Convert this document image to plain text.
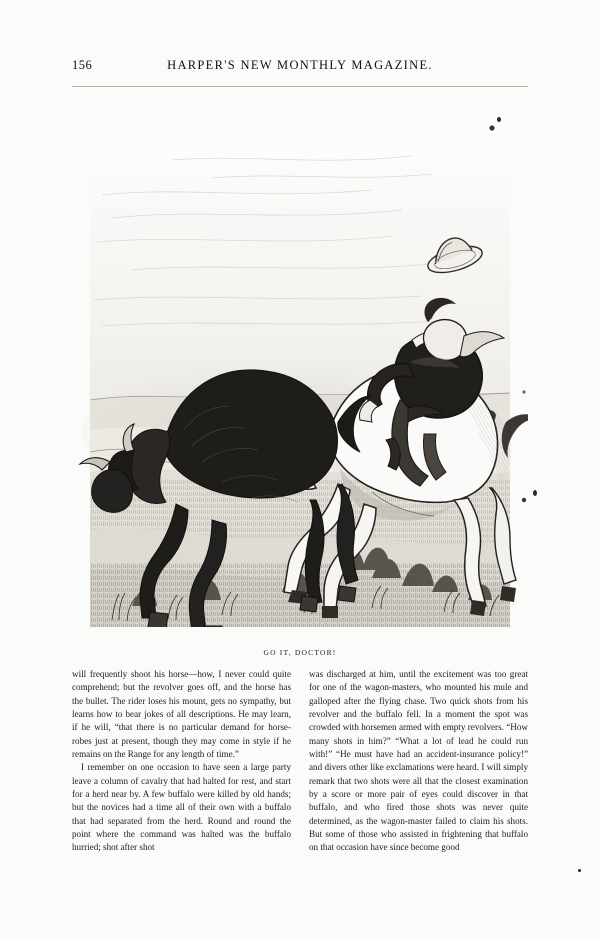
156	HARPER'S NEW MONTHLY MAGAZINE.
GO IT, DOCTOR!

will frequently shoot his horse—how, I never could quite comprehend; but the revolver goes off, and the horse has the bullet. The rider loses his mount, gets no sympathy, but learns how to bear jokes of all descriptions. He may learn, if he will, “that there is no particular demand for horse-robes just at present, though they may come in style if he remains on the Range for any length of time.”

I remember on one occasion to have seen a large party leave a column of cavalry that had halted for rest, and start for a herd near by. A few buffalo were killed by old hands; but the novices had a time all of their own with a buffalo that had separated from the herd. Round and round the point where the command was halted was the buffalo hurried; shot after shot

was discharged at him, until the excitement was too great for one of the wagon-masters, who mounted his mule and galloped after the flying chase. Two quick shots from his revolver and the buffalo fell. In a moment the spot was crowded with horsemen armed with empty revolvers. “How many shots in him?” “What a lot of lead he could run with!” “He must have had an accident-insurance policy!” and divers other like exclamations were heard. I will simply remark that two shots were all that the closest examination by a score or more pair of eyes could discover in that buffalo, and who fired those shots was never quite determined, as the wagon-master failed to claim his shots. But some of those who assisted in frightening that buffalo on that occasion have since become good
